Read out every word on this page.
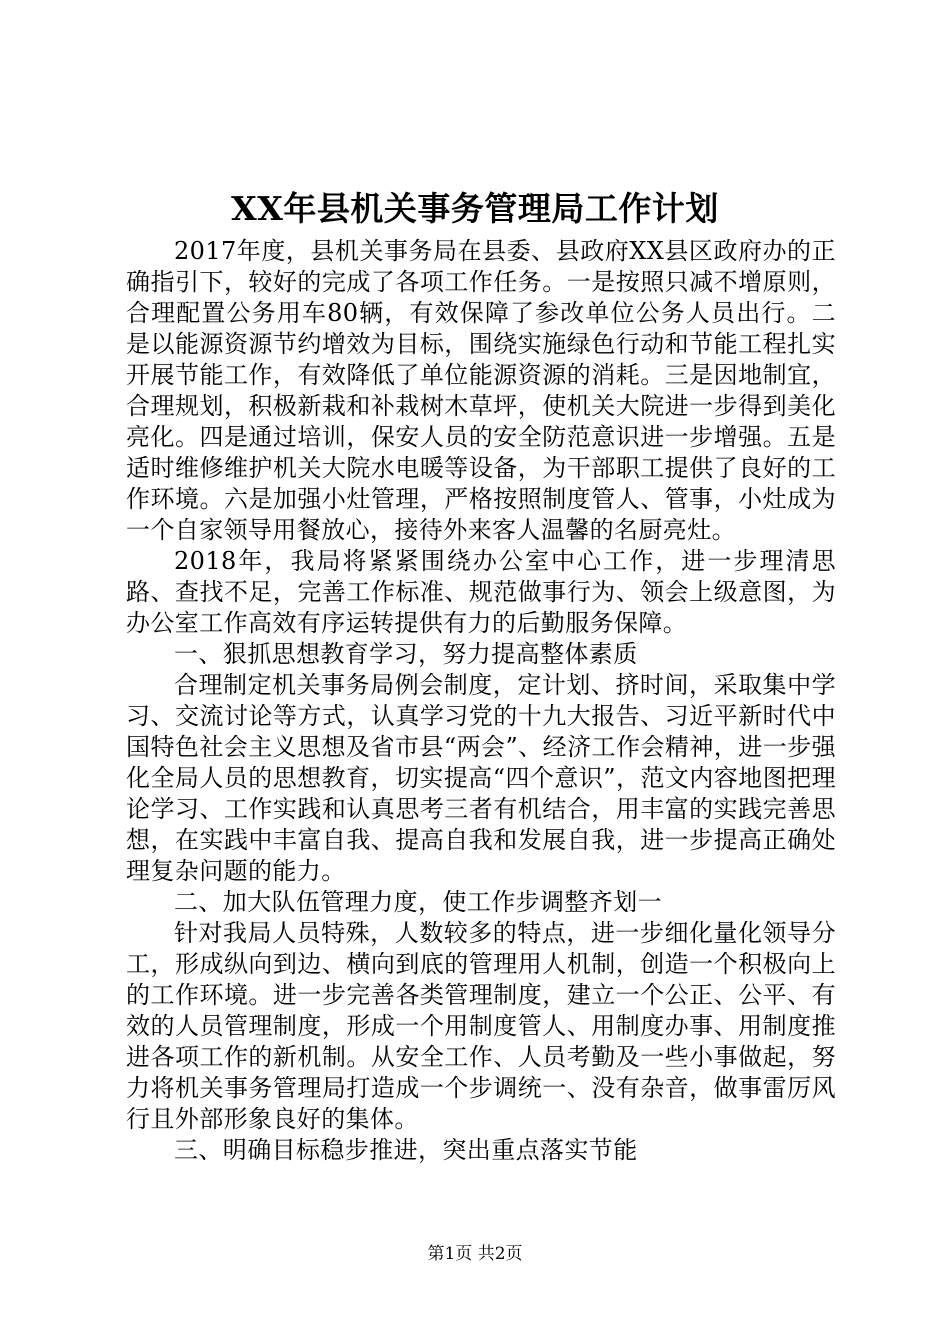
XX年县机关事务管理局工作计划

2017年度，县机关事务局在县委、县政府XX县区政府办的正确指引下，较好的完成了各项工作任务。一是按照只减不增原则，合理配置公务用车80辆，有效保障了参改单位公务人员出行。二是以能源资源节约增效为目标，围绕实施绿色行动和节能工程扎实开展节能工作，有效降低了单位能源资源的消耗。三是因地制宜，合理规划，积极新栽和补栽树木草坪，使机关大院进一步得到美化亮化。四是通过培训，保安人员的安全防范意识进一步增强。五是适时维修维护机关大院水电暖等设备，为干部职工提供了良好的工作环境。六是加强小灶管理，严格按照制度管人、管事，小灶成为一个自家领导用餐放心，接待外来客人温馨的名厨亮灶。

2018年，我局将紧紧围绕办公室中心工作，进一步理清思路、查找不足，完善工作标准、规范做事行为、领会上级意图，为办公室工作高效有序运转提供有力的后勤服务保障。

一、狠抓思想教育学习，努力提高整体素质

合理制定机关事务局例会制度，定计划、挤时间，采取集中学习、交流讨论等方式，认真学习党的十九大报告、习近平新时代中国特色社会主义思想及省市县“两会”、经济工作会精神，进一步强化全局人员的思想教育，切实提高“四个意识”，范文内容地图把理论学习、工作实践和认真思考三者有机结合，用丰富的实践完善思想，在实践中丰富自我、提高自我和发展自我，进一步提高正确处理复杂问题的能力。

二、加大队伍管理力度，使工作步调整齐划一

针对我局人员特殊，人数较多的特点，进一步细化量化领导分工，形成纵向到边、横向到底的管理用人机制，创造一个积极向上的工作环境。进一步完善各类管理制度，建立一个公正、公平、有效的人员管理制度，形成一个用制度管人、用制度办事、用制度推进各项工作的新机制。从安全工作、人员考勤及一些小事做起，努力将机关事务管理局打造成一个步调统一、没有杂音，做事雷厉风行且外部形象良好的集体。

三、明确目标稳步推进，突出重点落实节能

第1页 共2页
